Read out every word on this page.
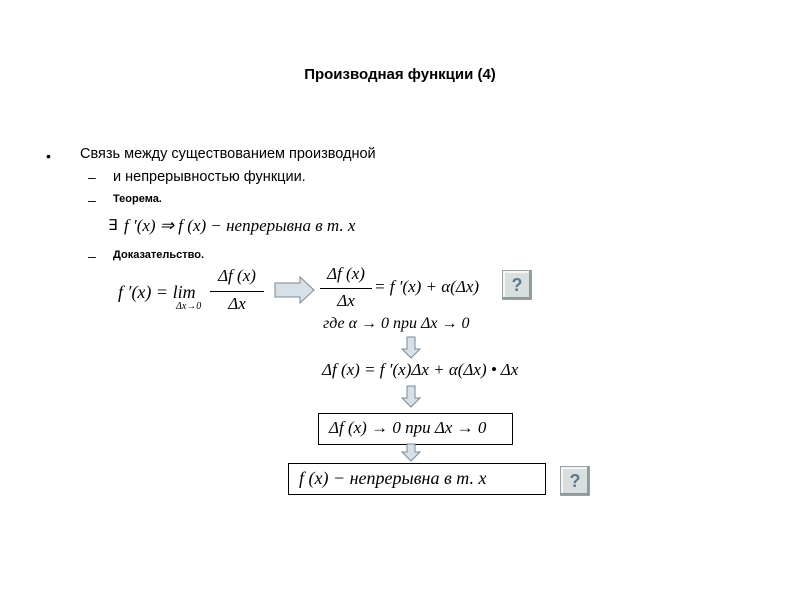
Производная функции (4)
• Связь между существованием производной
– и непрерывностью функции.
– Теорема.
∃ f ′(x) ⇒ f (x) − непрерывна в т. x
– Доказательство.
f ′(x) = lim
Δx→0
Δf (x)
Δx
Δf (x)
Δx
= f ′(x) + α(Δx)	?
где α → 0 при Δx → 0
Δf (x) = f ′(x)Δx + α(Δx) • Δx
Δf (x) → 0 при Δx → 0
f (x) − непрерывна в т. x	?
